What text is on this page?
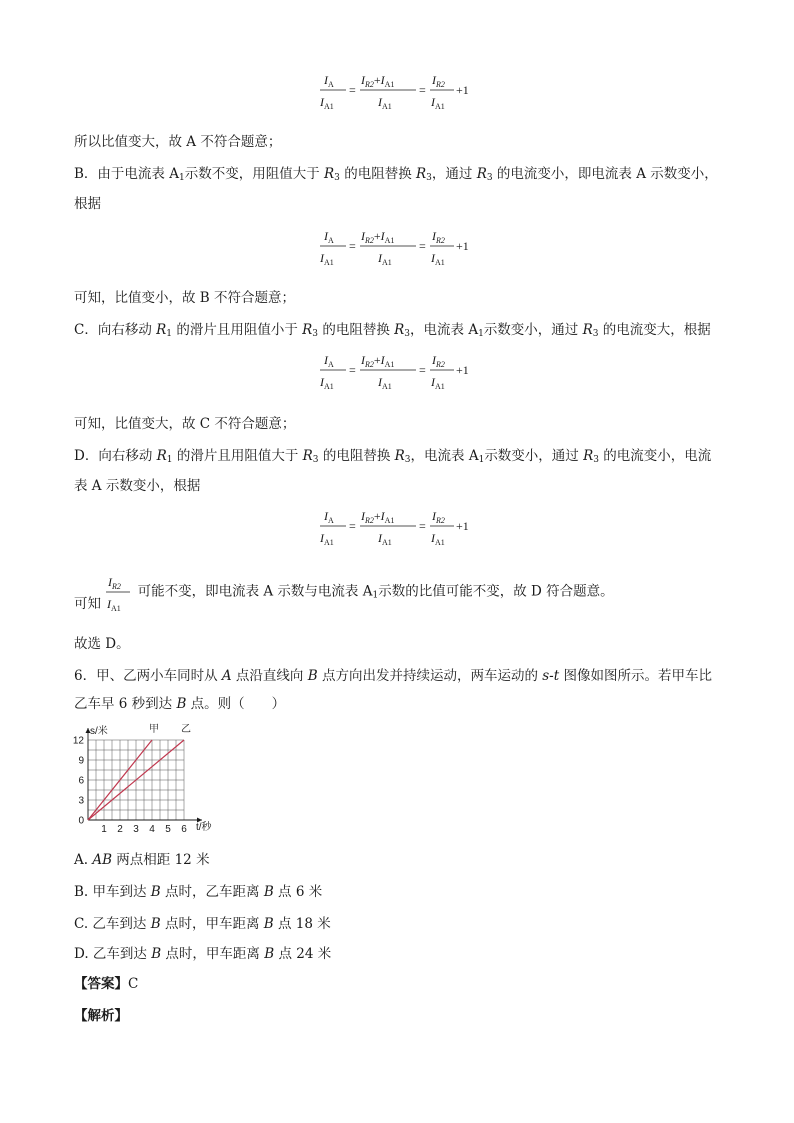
$I_A$
$I_{A1}$
=
$I_{R2}+I_{A1}$
$I_{A1}$
=
$I_{R2}$
$I_{A1}$
+1
所以比值变大，故 A 不符合题意；
B．由于电流表 $A_1$示数不变，用阻值大于 $R_3$ 的电阻替换 $R_3$，通过 $R_3$ 的电流变小，即电流表 A 示数变小，
根据
$I_A$
$I_{A1}$
=
$I_{R2}+I_{A1}$
$I_{A1}$
=
$I_{R2}$
$I_{A1}$
+1
可知，比值变小，故 B 不符合题意；
C．向右移动 $R_1$ 的滑片且用阻值小于 $R_3$ 的电阻替换 $R_3$，电流表 $A_1$示数变小，通过 $R_3$ 的电流变大，根据
$I_A$
$I_{A1}$
=
$I_{R2}+I_{A1}$
$I_{A1}$
=
$I_{R2}$
$I_{A1}$
+1
可知，比值变大，故 C 不符合题意；
D．向右移动 $R_1$ 的滑片且用阻值大于 $R_3$ 的电阻替换 $R_3$，电流表 $A_1$示数变小，通过 $R_3$ 的电流变小，电流
表 A 示数变小，根据
$I_A$
$I_{A1}$
=
$I_{R2}+I_{A1}$
$I_{A1}$
=
$I_{R2}$
$I_{A1}$
+1
可知
$I_{R2}$
$I_{A1}$
可能不变，即电流表 A 示数与电流表 $A_1$示数的比值可能不变，故 D 符合题意。
故选 D。
6．甲、乙两小车同时从 A 点沿直线向 B 点方向出发并持续运动，两车运动的 s-t 图像如图所示。若甲车比
乙车早 6 秒到达 B 点。则（　　）
1 2 3 4 5 6
0
3
6
9
12
s/米
t/秒
甲 乙
A. AB 两点相距 12 米
B. 甲车到达 B 点时，乙车距离 B 点 6 米
C. 乙车到达 B 点时，甲车距离 B 点 18 米
D. 乙车到达 B 点时，甲车距离 B 点 24 米
【答案】C
【解析】
